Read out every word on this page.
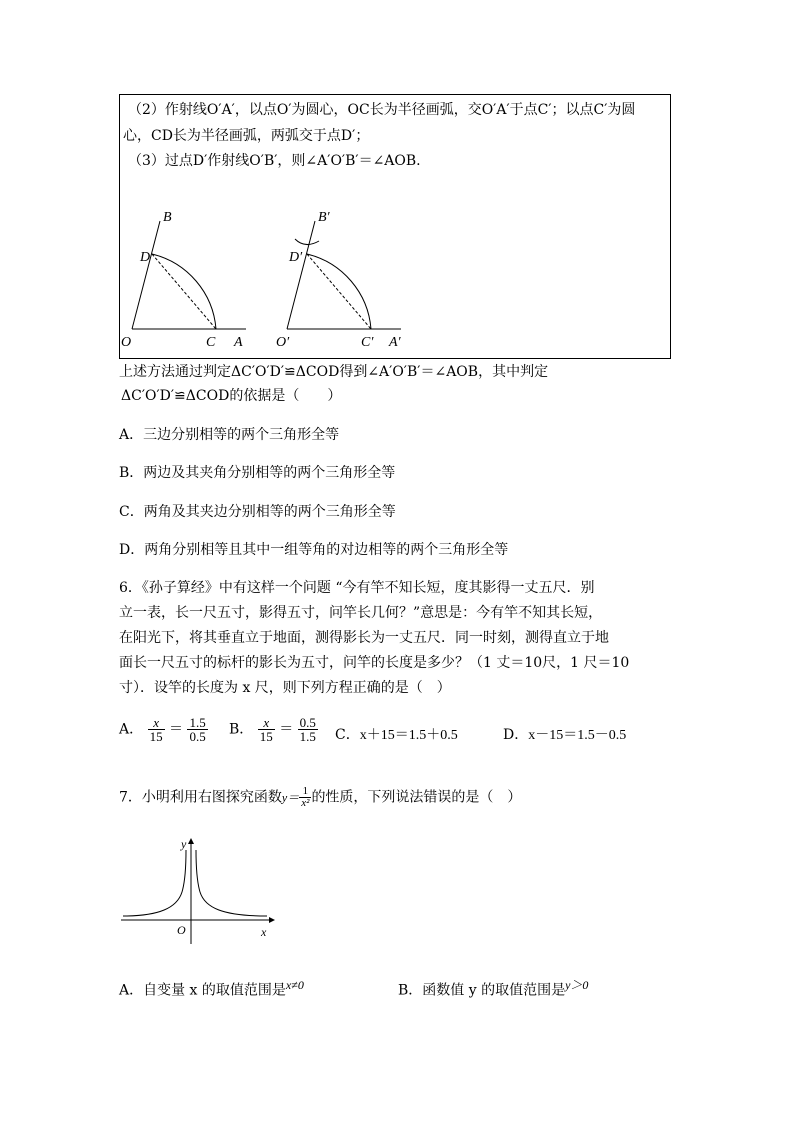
（2）作射线O′A′，以点O′为圆心，OC长为半径画弧，交O′A′于点C′；以点C′为圆
心，CD长为半径画弧，两弧交于点D′；
（3）过点D′作射线O′B′，则∠A′O′B′＝∠AOB.
B
D
O	C A
B′
D′
O′	C′ A′
上述方法通过判定ΔC′O′D′≌ΔCOD得到∠A′O′B′＝∠AOB，其中判定
ΔC′O′D′≌ΔCOD的依据是（　　）
A．三边分别相等的两个三角形全等
B．两边及其夹角分别相等的两个三角形全等
C．两角及其夹边分别相等的两个三角形全等
D．两角分别相等且其中一组等角的对边相等的两个三角形全等
6．《孙子算经》中有这样一个问题 “今有竿不知长短，度其影得一丈五尺．别
立一表，长一尺五寸，影得五寸，问竿长几何？”意思是：今有竿不知其长短，
在阳光下，将其垂直立于地面，测得影长为一丈五尺．同一时刻，测得直立于地
面长一尺五寸的标杆的影长为五寸，问竿的长度是多少？（1 丈＝10尺，1 尺＝10
寸）．设竿的长度为 x 尺，则下列方程正确的是（　）
A． $\frac{x}{15} = \frac{1.5}{0.5}$ B． $\frac{x}{15} = \frac{0.5}{1.5}$ C．x＋15＝1.5＋0.5	D．x－15＝1.5－0.5
7．小明利用右图探究函数$y= \frac{1}{\text{x²}}$ 的性质，下列说法错误的是（　）
y
x
O
A．自变量 x 的取值范围是x≠0	B．函数值 y 的取值范围是y＞0
